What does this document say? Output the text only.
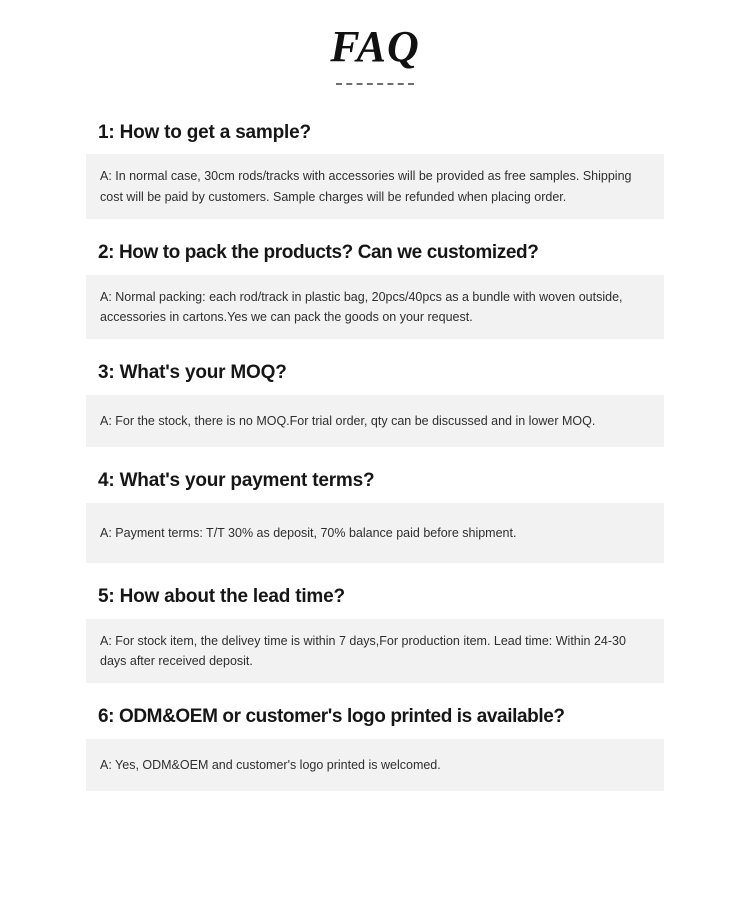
FAQ
1: How to get a sample?

A: In normal case, 30cm rods/tracks with accessories will be provided as free samples. Shipping cost will be paid by customers. Sample charges will be refunded when placing order.

2: How to pack the products? Can we customized?

A: Normal packing: each rod/track in plastic bag, 20pcs/40pcs as a bundle with woven outside, accessories in cartons.Yes we can pack the goods on your request.

3: What's your MOQ?

A: For the stock, there is no MOQ.For trial order, qty can be discussed and in lower MOQ.

4: What's your payment terms?

A: Payment terms: T/T 30% as deposit, 70% balance paid before shipment.

5: How about the lead time?

A: For stock item, the delivey time is within 7 days,For production item. Lead time: Within 24-30 days after received deposit.

6: ODM&OEM or customer's logo printed is available?

A: Yes, ODM&OEM and customer's logo printed is welcomed.
